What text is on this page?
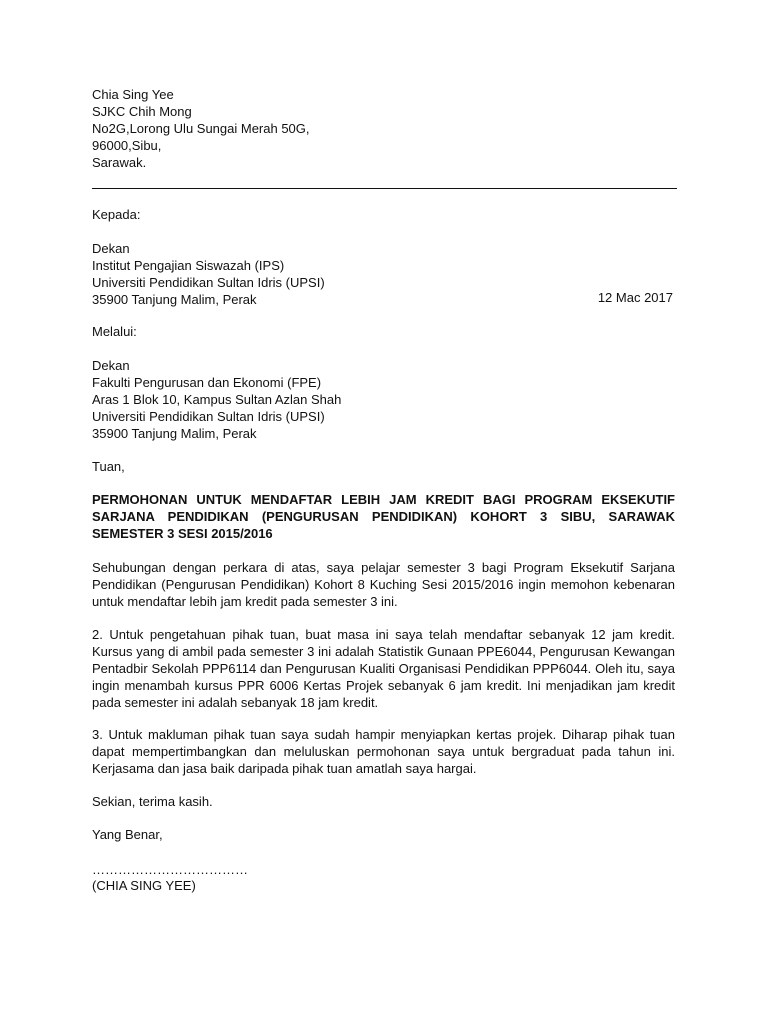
Chia Sing Yee
SJKC Chih Mong
No2G,Lorong Ulu Sungai Merah 50G,
96000,Sibu,
Sarawak.
Kepada:
Dekan
Institut Pengajian Siswazah (IPS)
Universiti Pendidikan Sultan Idris (UPSI)
35900 Tanjung Malim, Perak	12 Mac 2017
Melalui:
Dekan
Fakulti Pengurusan dan Ekonomi (FPE)
Aras 1 Blok 10, Kampus Sultan Azlan Shah
Universiti Pendidikan Sultan Idris (UPSI)
35900 Tanjung Malim, Perak
Tuan,
PERMOHONAN UNTUK MENDAFTAR LEBIH JAM KREDIT BAGI PROGRAM EKSEKUTIF SARJANA PENDIDIKAN (PENGURUSAN PENDIDIKAN) KOHORT 3 SIBU, SARAWAK SEMESTER 3 SESI 2015/2016
Sehubungan dengan perkara di atas, saya pelajar semester 3 bagi Program Eksekutif Sarjana Pendidikan (Pengurusan Pendidikan) Kohort 8 Kuching Sesi 2015/2016 ingin memohon kebenaran untuk mendaftar lebih jam kredit pada semester 3 ini.
2. Untuk pengetahuan pihak tuan, buat masa ini saya telah mendaftar sebanyak 12 jam kredit. Kursus yang di ambil pada semester 3 ini adalah Statistik Gunaan PPE6044, Pengurusan Kewangan Pentadbir Sekolah PPP6114 dan Pengurusan Kualiti Organisasi Pendidikan PPP6044. Oleh itu, saya ingin menambah kursus PPR 6006 Kertas Projek sebanyak 6 jam kredit. Ini menjadikan jam kredit pada semester ini adalah sebanyak 18 jam kredit.
3. Untuk makluman pihak tuan saya sudah hampir menyiapkan kertas projek. Diharap pihak tuan dapat mempertimbangkan dan meluluskan permohonan saya untuk bergraduat pada tahun ini. Kerjasama dan jasa baik daripada pihak tuan amatlah saya hargai.
Sekian, terima kasih.
Yang Benar,
………………………………
(CHIA SING YEE)
